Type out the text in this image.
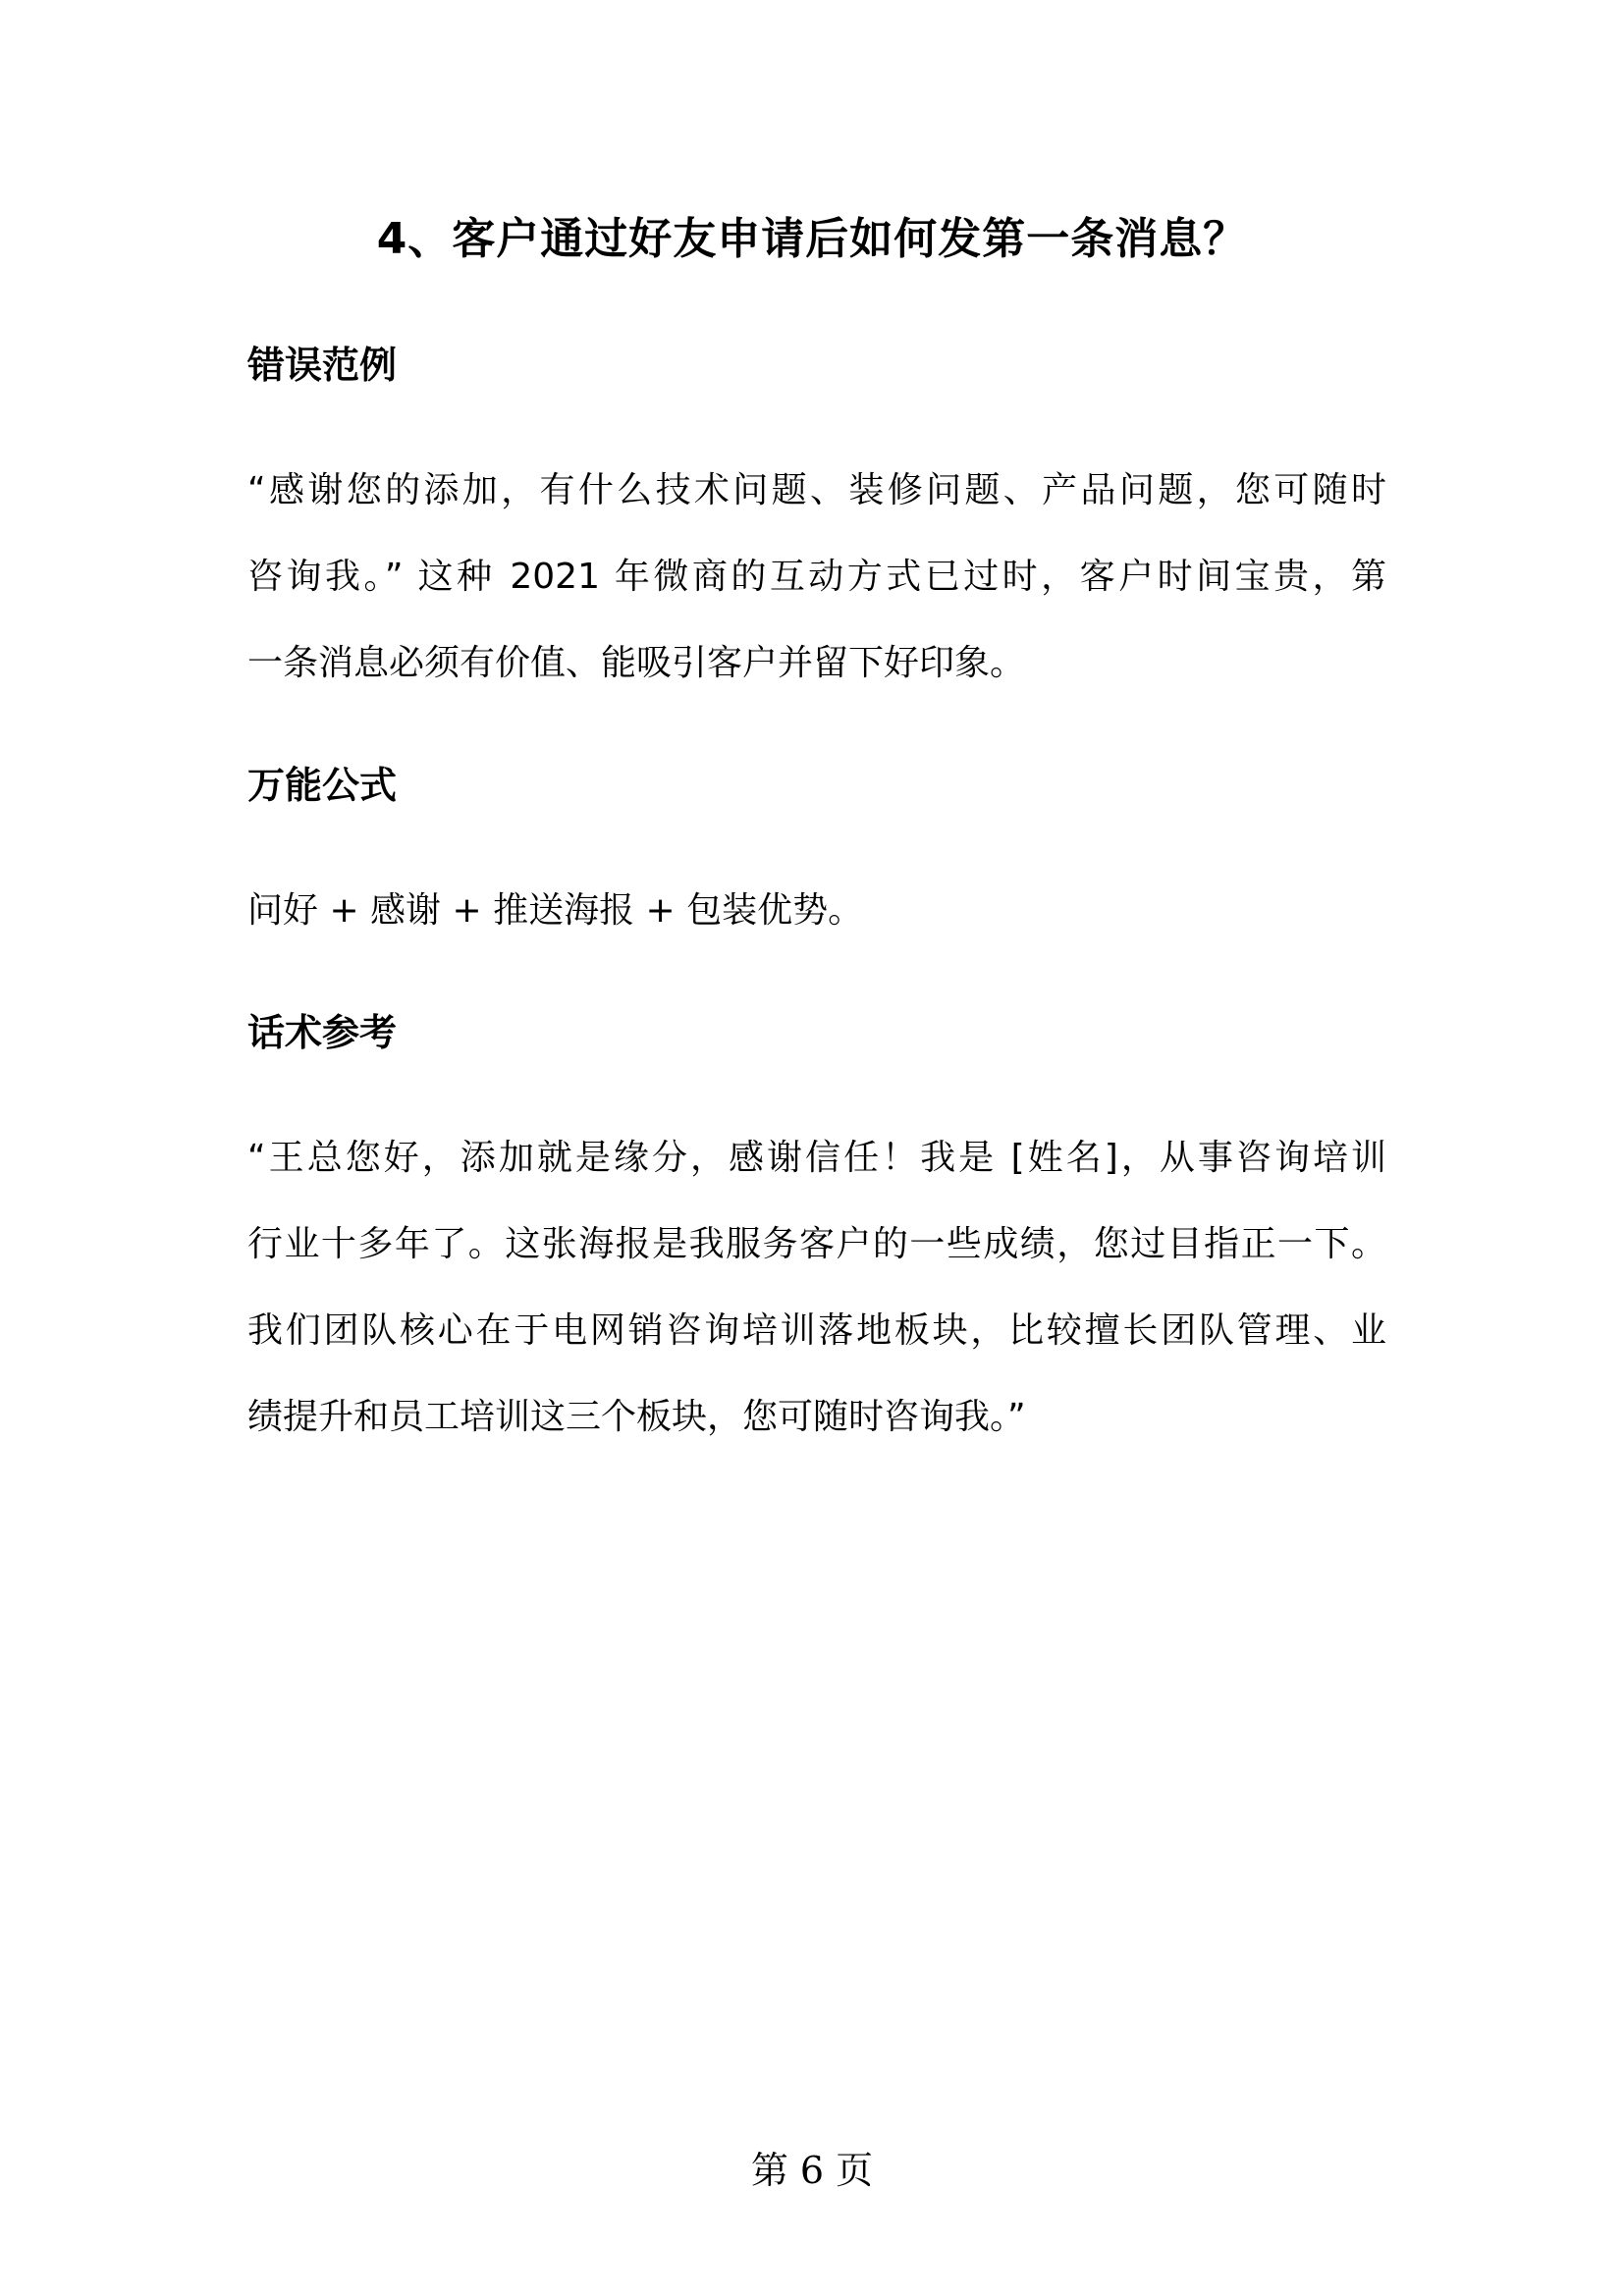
4、客户通过好友申请后如何发第一条消息？
错误范例

“感谢您的添加，有什么技术问题、装修问题、产品问题，您可随时
咨询我。” 这种 2021 年微商的互动方式已过时，客户时间宝贵，第
一条消息必须有价值、能吸引客户并留下好印象。

万能公式

问好 + 感谢 + 推送海报 + 包装优势。

话术参考

“王总您好，添加就是缘分，感谢信任！我是 [姓名]，从事咨询培训
行业十多年了。这张海报是我服务客户的一些成绩，您过目指正一下。
我们团队核心在于电网销咨询培训落地板块，比较擅长团队管理、业
绩提升和员工培训这三个板块，您可随时咨询我。”

第 6 页
